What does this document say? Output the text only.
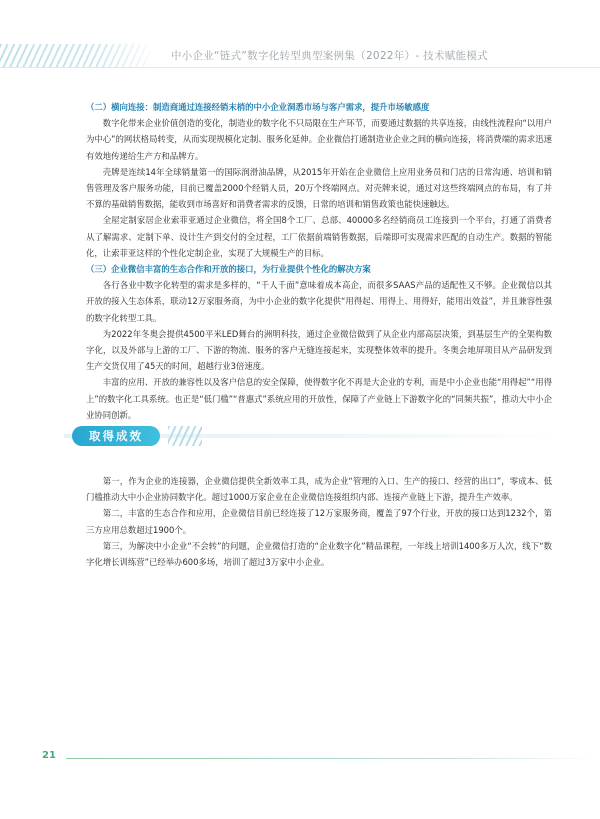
中小企业“链式”数字化转型典型案例集（2022年）- 技术赋能模式

（二）横向连接：制造商通过连接经销末梢的中小企业洞悉市场与客户需求，提升市场敏感度

数字化带来企业价值创造的变化，制造业的数字化不只局限在生产环节，而要通过数据的共享连接，由线性流程向“以用户为中心”的网状格局转变，从而实现规模化定制、服务化延伸。企业微信打通制造业企业之间的横向连接，将消费端的需求迅速有效地传递给生产方和品牌方。

壳牌是连续14年全球销量第一的国际润滑油品牌，从2015年开始在企业微信上应用业务员和门店的日常沟通、培训和销售管理及客户服务功能，目前已覆盖2000个经销人员，20万个终端网点。对壳牌来说，通过对这些终端网点的布局，有了并不算的基础销售数据，能收到市场喜好和消费者需求的反馈，日常的培训和销售政策也能快速触达。

全屋定制家居企业索菲亚通过企业微信，将全国8个工厂、总部、40000多名经销商员工连接到一个平台，打通了消费者从了解需求、定制下单、设计生产到交付的全过程，工厂依据前端销售数据，后端即可实现需求匹配的自动生产。数据的智能化，让索菲亚这样的个性化定制企业，实现了大规模生产的目标。

（三）企业微信丰富的生态合作和开放的接口，为行业提供个性化的解决方案

各行各业中数字化转型的需求是多样的，“千人千面”意味着成本高企，而很多SAAS产品的适配性又不够。企业微信以其开放的接入生态体系，联动12万家服务商，为中小企业的数字化提供“用得起、用得上、用得好，能用出效益”，并且兼容性强的数字化转型工具。

为2022年冬奥会提供4500平米LED舞台的洲明科技，通过企业微信做到了从企业内部高层决策，到基层生产的全架构数字化，以及外部与上游的工厂、下游的物流、服务的客户无缝连接起来，实现整体效率的提升。冬奥会地屏项目从产品研发到生产交货仅用了45天的时间，超越行业3倍速度。

丰富的应用、开放的兼容性以及客户信息的安全保障，使得数字化不再是大企业的专利，而是中小企业也能“用得起”“用得上”的数字化工具系统。也正是“低门槛”“普惠式”系统应用的开放性，保障了产业链上下游数字化的“同频共振”，推动大中小企业协同创新。

取得成效

第一，作为企业的连接器，企业微信提供全新效率工具，成为企业“管理的入口、生产的接口、经营的出口”，零成本、低门槛推动大中小企业协同数字化。超过1000万家企业在企业微信连接组织内部、连接产业链上下游，提升生产效率。

第二，丰富的生态合作和应用，企业微信目前已经连接了12万家服务商，覆盖了97个行业，开放的接口达到1232个，第三方应用总数超过1900个。

第三，为解决中小企业“不会转”的问题，企业微信打造的“企业数字化”精品课程，一年线上培训1400多万人次，线下“数字化增长训练营”已经举办600多场，培训了超过3万家中小企业。

21
